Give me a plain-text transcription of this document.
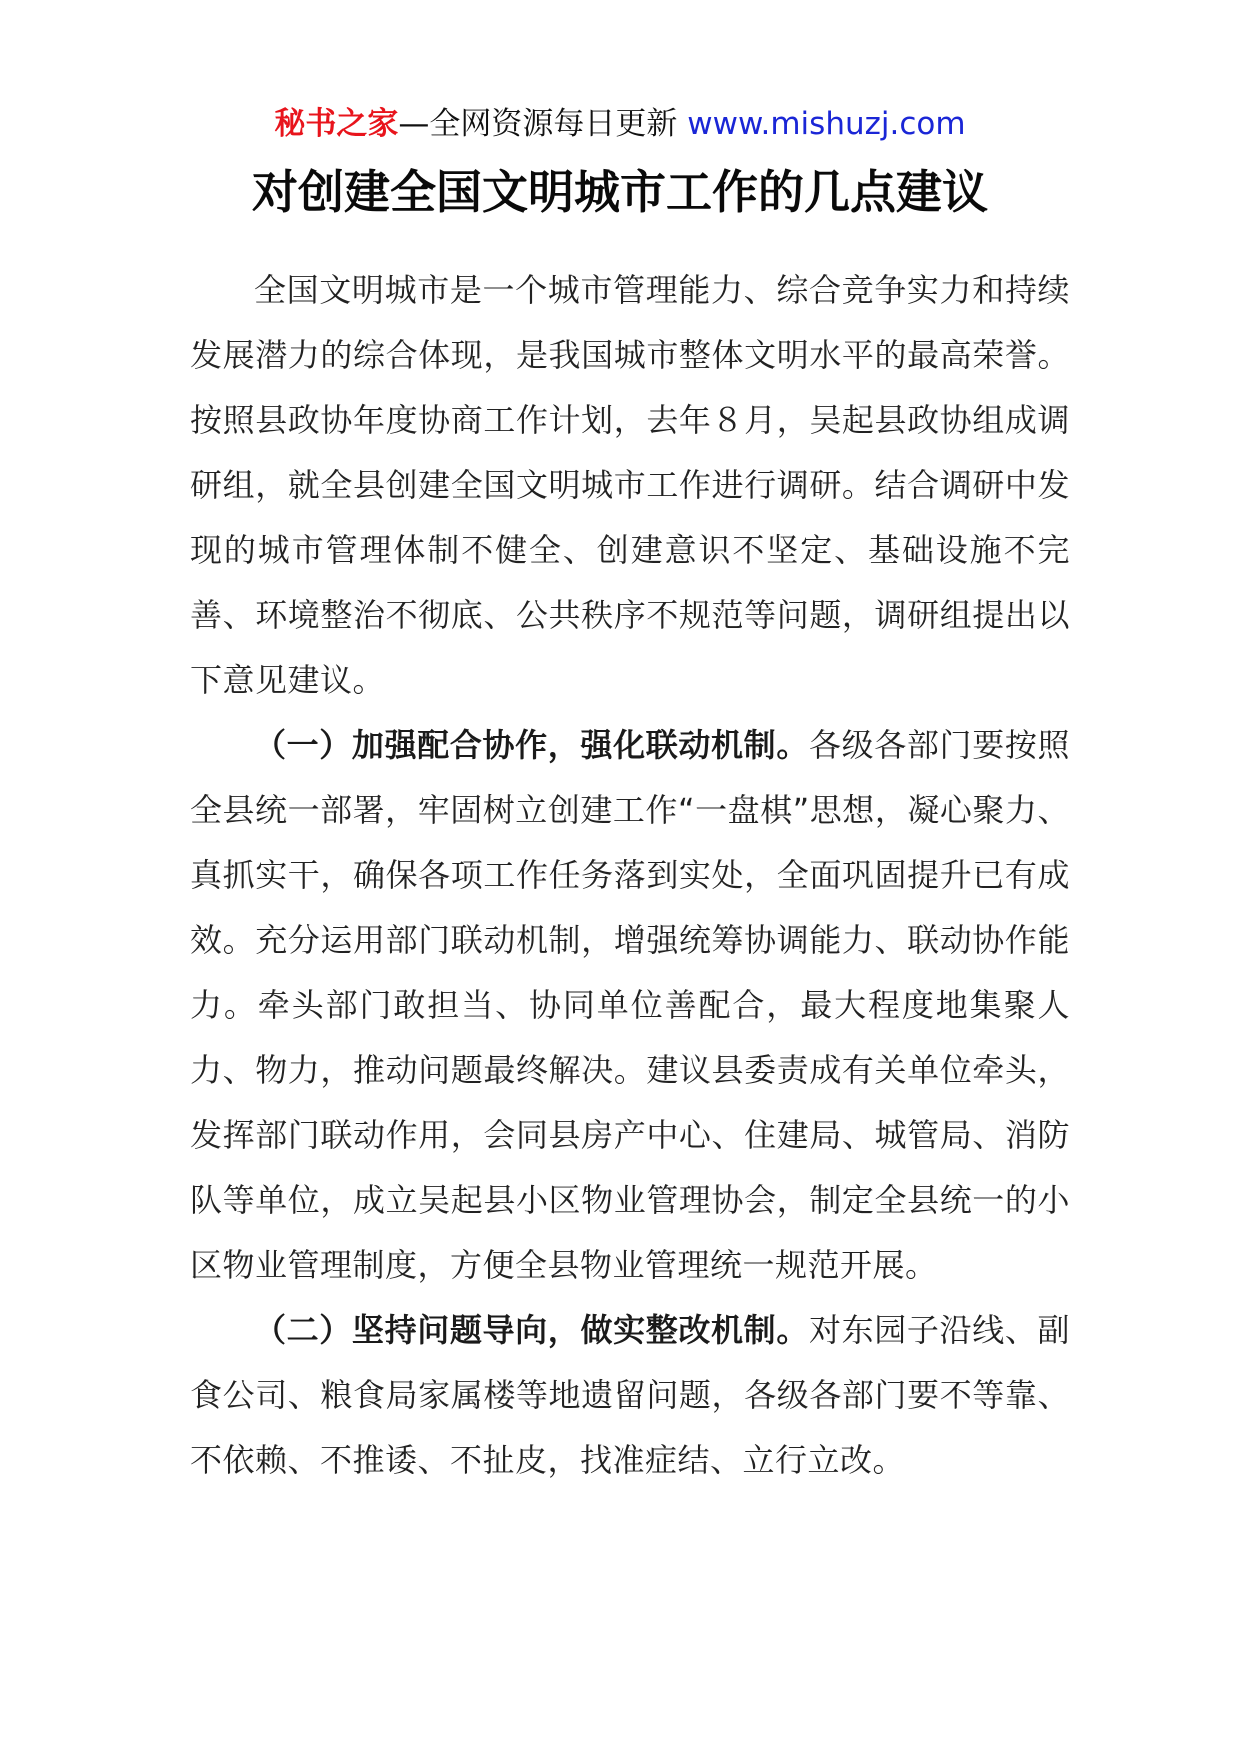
秘书之家—全网资源每日更新 www.mishuzj.com
对创建全国文明城市工作的几点建议

全国文明城市是一个城市管理能力、综合竞争实力和持续发展潜力的综合体现，是我国城市整体文明水平的最高荣誉。按照县政协年度协商工作计划，去年８月，吴起县政协组成调研组，就全县创建全国文明城市工作进行调研。结合调研中发现的城市管理体制不健全、创建意识不坚定、基础设施不完善、环境整治不彻底、公共秩序不规范等问题，调研组提出以下意见建议。

（一）加强配合协作，强化联动机制。各级各部门要按照全县统一部署，牢固树立创建工作“一盘棋”思想，凝心聚力、真抓实干，确保各项工作任务落到实处，全面巩固提升已有成效。充分运用部门联动机制，增强统筹协调能力、联动协作能力。牵头部门敢担当、协同单位善配合，最大程度地集聚人力、物力，推动问题最终解决。建议县委责成有关单位牵头，发挥部门联动作用，会同县房产中心、住建局、城管局、消防队等单位，成立吴起县小区物业管理协会，制定全县统一的小区物业管理制度，方便全县物业管理统一规范开展。

（二）坚持问题导向，做实整改机制。对东园子沿线、副食公司、粮食局家属楼等地遗留问题，各级各部门要不等靠、不依赖、不推诿、不扯皮，找准症结、立行立改。
